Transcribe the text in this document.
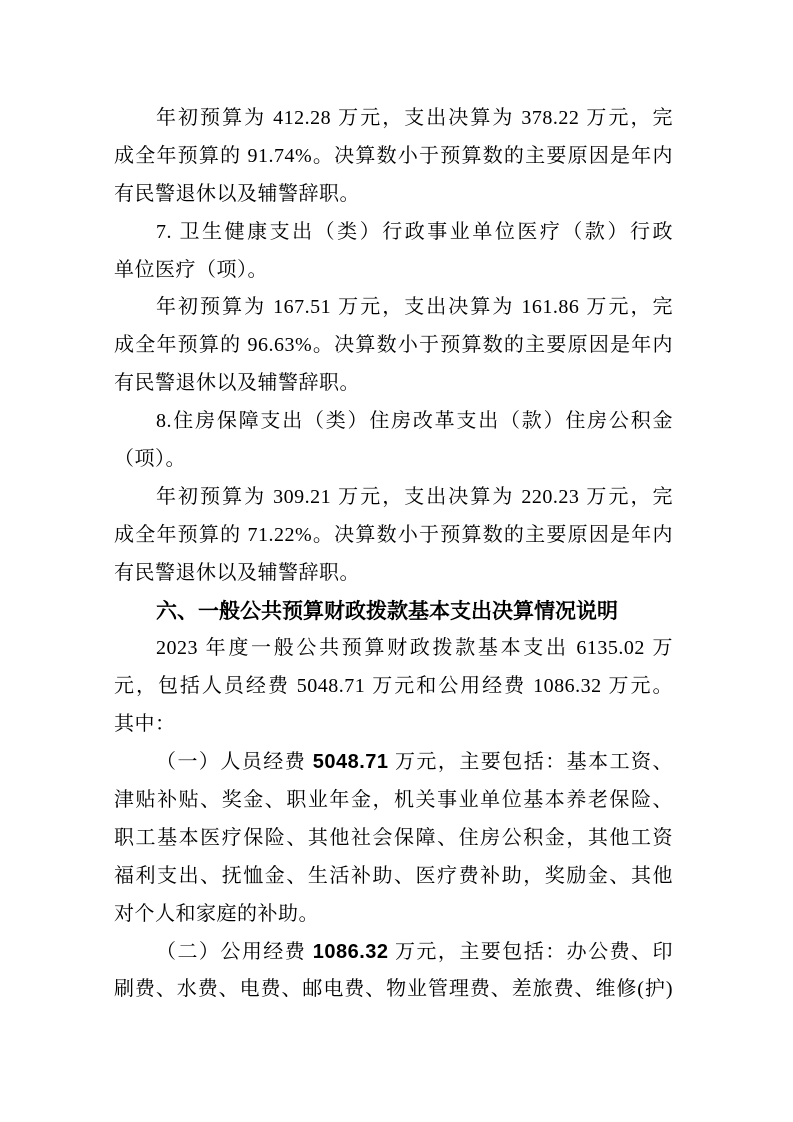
年初预算为 412.28 万元，支出决算为 378.22 万元，完
成全年预算的 91.74%。决算数小于预算数的主要原因是年内
有民警退休以及辅警辞职。
7. 卫生健康支出（类）行政事业单位医疗（款）行政
单位医疗（项）。
年初预算为 167.51 万元，支出决算为 161.86 万元，完
成全年预算的 96.63%。决算数小于预算数的主要原因是年内
有民警退休以及辅警辞职。
8.住房保障支出（类）住房改革支出（款）住房公积金
（项）。
年初预算为 309.21 万元，支出决算为 220.23 万元，完
成全年预算的 71.22%。决算数小于预算数的主要原因是年内
有民警退休以及辅警辞职。
六、一般公共预算财政拨款基本支出决算情况说明
2023 年度一般公共预算财政拨款基本支出 6135.02 万
元，包括人员经费 5048.71 万元和公用经费 1086.32 万元。
其中：
（一）人员经费 5048.71 万元，主要包括：基本工资、
津贴补贴、奖金、职业年金，机关事业单位基本养老保险、
职工基本医疗保险、其他社会保障、住房公积金，其他工资
福利支出、抚恤金、生活补助、医疗费补助，奖励金、其他
对个人和家庭的补助。
（二）公用经费 1086.32 万元，主要包括：办公费、印
刷费、水费、电费、邮电费、物业管理费、差旅费、维修(护)
